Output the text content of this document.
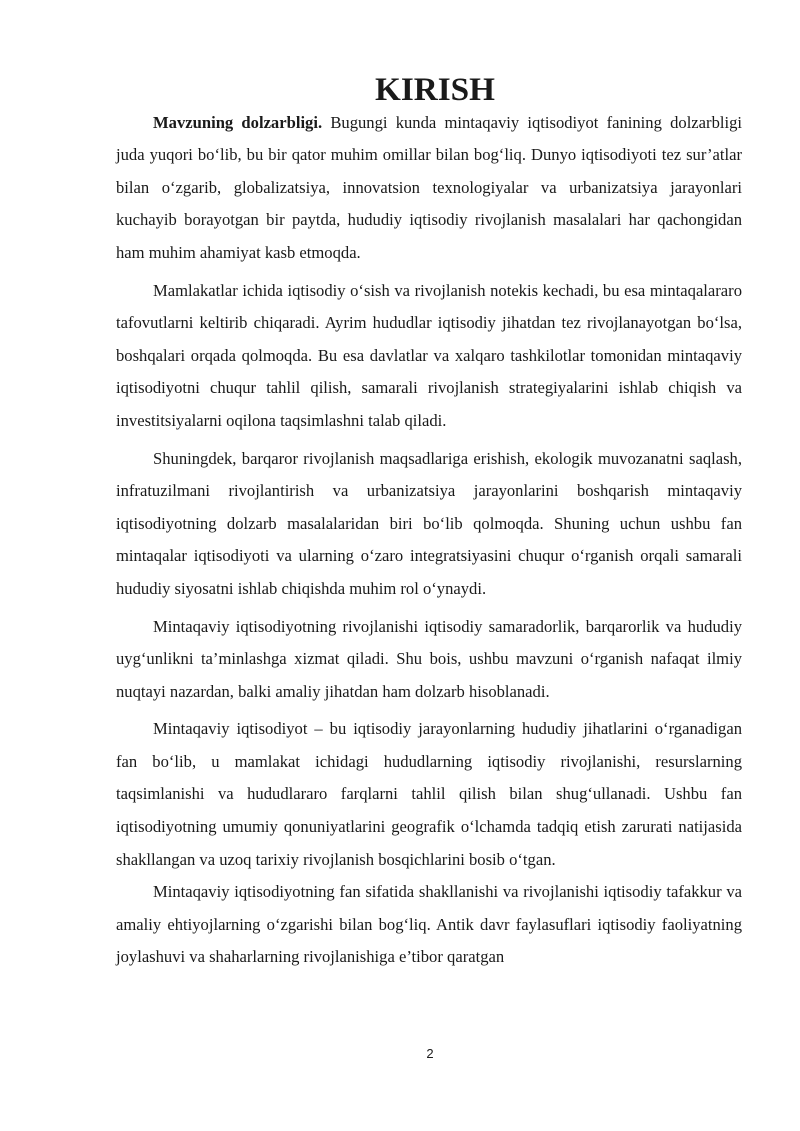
KIRISH

Mavzuning dolzarbligi. Bugungi kunda mintaqaviy iqtisodiyot fanining dolzarbligi juda yuqori bo‘lib, bu bir qator muhim omillar bilan bog‘liq. Dunyo iqtisodiyoti tez sur’atlar bilan o‘zgarib, globalizatsiya, innovatsion texnologiyalar va urbanizatsiya jarayonlari kuchayib borayotgan bir paytda, hududiy iqtisodiy rivojlanish masalalari har qachongidan ham muhim ahamiyat kasb etmoqda.

Mamlakatlar ichida iqtisodiy o‘sish va rivojlanish notekis kechadi, bu esa mintaqalararo tafovutlarni keltirib chiqaradi. Ayrim hududlar iqtisodiy jihatdan tez rivojlanayotgan bo‘lsa, boshqalari orqada qolmoqda. Bu esa davlatlar va xalqaro tashkilotlar tomonidan mintaqaviy iqtisodiyotni chuqur tahlil qilish, samarali rivojlanish strategiyalarini ishlab chiqish va investitsiyalarni oqilona taqsimlashni talab qiladi.

Shuningdek, barqaror rivojlanish maqsadlariga erishish, ekologik muvozanatni saqlash, infratuzilmani rivojlantirish va urbanizatsiya jarayonlarini boshqarish mintaqaviy iqtisodiyotning dolzarb masalalaridan biri bo‘lib qolmoqda. Shuning uchun ushbu fan mintaqalar iqtisodiyoti va ularning o‘zaro integratsiyasini chuqur o‘rganish orqali samarali hududiy siyosatni ishlab chiqishda muhim rol o‘ynaydi.

Mintaqaviy iqtisodiyotning rivojlanishi iqtisodiy samaradorlik, barqarorlik va hududiy uyg‘unlikni ta’minlashga xizmat qiladi. Shu bois, ushbu mavzuni o‘rganish nafaqat ilmiy nuqtayi nazardan, balki amaliy jihatdan ham dolzarb hisoblanadi.

Mintaqaviy iqtisodiyot – bu iqtisodiy jarayonlarning hududiy jihatlarini o‘rganadigan fan bo‘lib, u mamlakat ichidagi hududlarning iqtisodiy rivojlanishi, resurslarning taqsimlanishi va hududlararo farqlarni tahlil qilish bilan shug‘ullanadi. Ushbu fan iqtisodiyotning umumiy qonuniyatlarini geografik o‘lchamda tadqiq etish zarurati natijasida shakllangan va uzoq tarixiy rivojlanish bosqichlarini bosib o‘tgan.

Mintaqaviy iqtisodiyotning fan sifatida shakllanishi va rivojlanishi iqtisodiy tafakkur va amaliy ehtiyojlarning o‘zgarishi bilan bog‘liq. Antik davr faylasuflari iqtisodiy faoliyatning joylashuvi va shaharlarning rivojlanishiga e’tibor qaratgan

2
